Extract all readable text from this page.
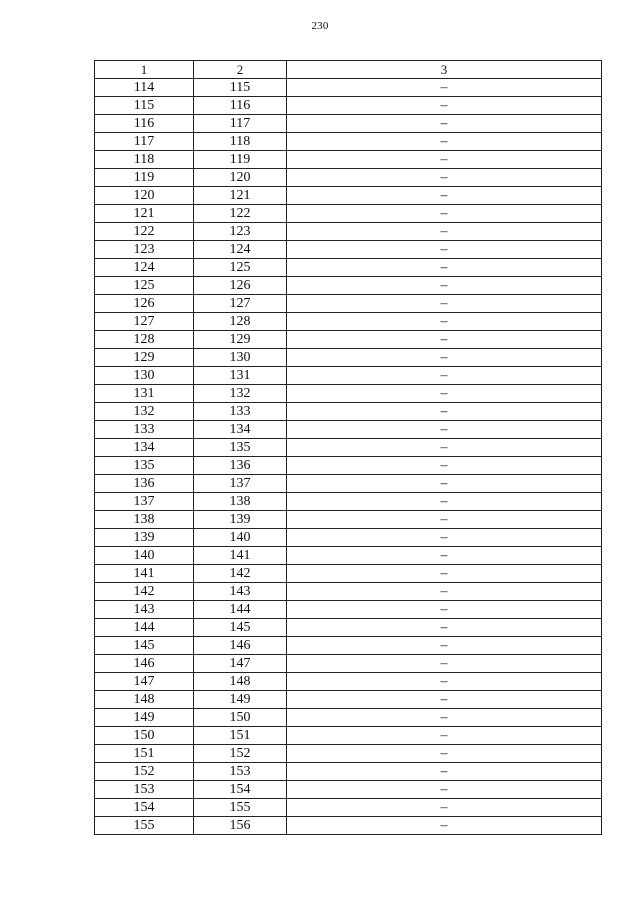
230
1	2	3
114	115	–
115	116	–
116	117	–
117	118	–
118	119	–
119	120	–
120	121	–
121	122	–
122	123	–
123	124	–
124	125	–
125	126	–
126	127	–
127	128	–
128	129	–
129	130	–
130	131	–
131	132	–
132	133	–
133	134	–
134	135	–
135	136	–
136	137	–
137	138	–
138	139	–
139	140	–
140	141	–
141	142	–
142	143	–
143	144	–
144	145	–
145	146	–
146	147	–
147	148	–
148	149	–
149	150	–
150	151	–
151	152	–
152	153	–
153	154	–
154	155	–
155	156	–
